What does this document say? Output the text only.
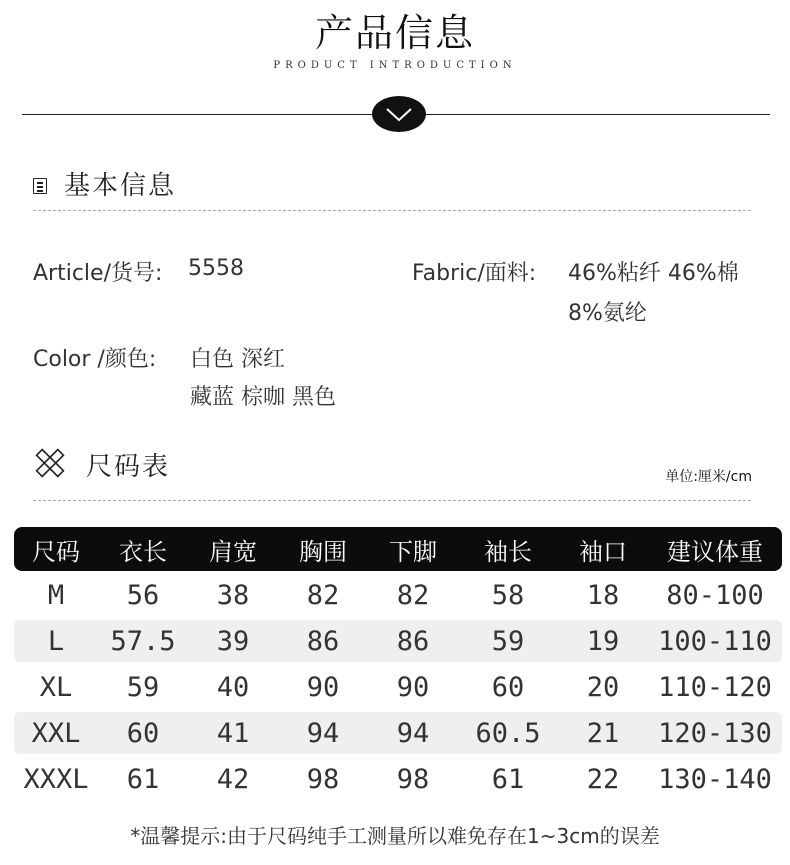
产品信息
PRODUCT INTRODUCTION
基本信息
Article/货号: 5558	Fabric/面料: 46%粘纤 46%棉
8%氨纶
Color /颜色: 白色 深红
藏蓝 棕咖 黑色
尺码表	单位:厘米/cm
尺码	衣长	肩宽	胸围	下脚	袖长	袖口	建议体重
M	56	38	82	82	58	18	80-100
L	57.5	39	86	86	59	19	100-110
XL	59	40	90	90	60	20	110-120
XXL	60	41	94	94	60.5	21	120-130
XXXL	61	42	98	98	61	22	130-140
*温馨提示:由于尺码纯手工测量所以难免存在1~3cm的误差
